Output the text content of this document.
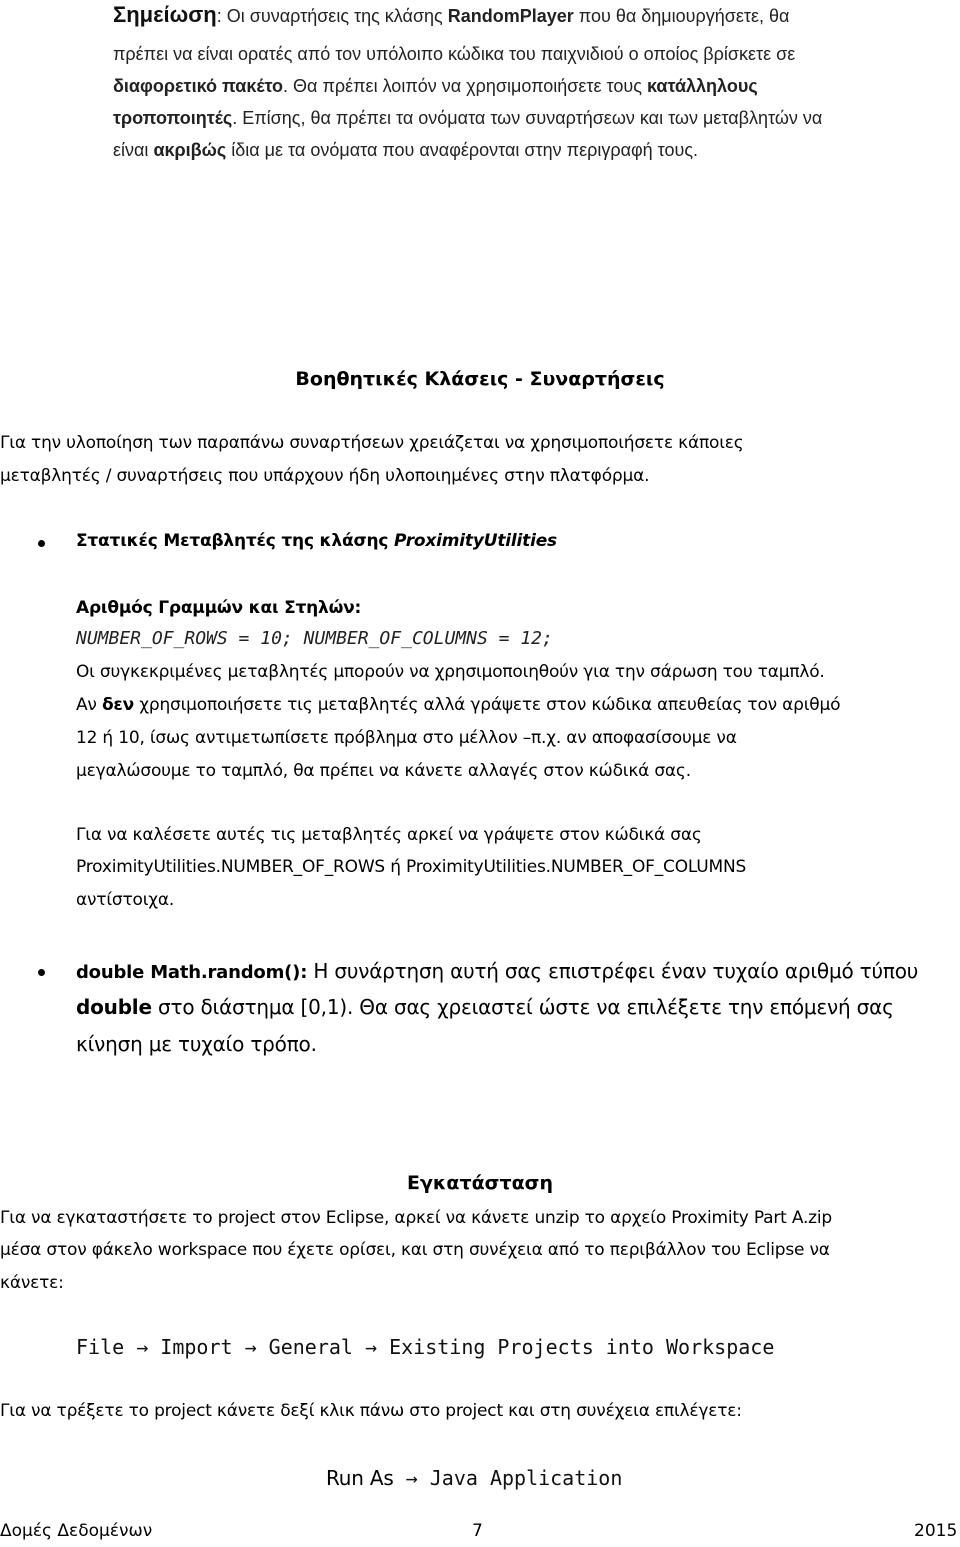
Σημείωση: Οι συναρτήσεις της κλάσης RandomPlayer που θα δημιουργήσετε, θα
πρέπει να είναι ορατές από τον υπόλοιπο κώδικα του παιχνιδιού ο οποίος βρίσκετε σε
διαφορετικό πακέτο. Θα πρέπει λοιπόν να χρησιμοποιήσετε τους κατάλληλους
τροποποιητές. Επίσης, θα πρέπει τα ονόματα των συναρτήσεων και των μεταβλητών να
είναι ακριβώς ίδια με τα ονόματα που αναφέρονται στην περιγραφή τους.
Βοηθητικές Κλάσεις - Συναρτήσεις
Για την υλοποίηση των παραπάνω συναρτήσεων χρειάζεται να χρησιμοποιήσετε κάποιες
μεταβλητές / συναρτήσεις που υπάρχουν ήδη υλοποιημένες στην πλατφόρμα.
Στατικές Μεταβλητές της κλάσης ProximityUtilities
Αριθμός Γραμμών και Στηλών:
NUMBER_OF_ROWS = 10; NUMBER_OF_COLUMNS = 12;
Οι συγκεκριμένες μεταβλητές μπορούν να χρησιμοποιηθούν για την σάρωση του ταμπλό.
Αν δεν χρησιμοποιήσετε τις μεταβλητές αλλά γράψετε στον κώδικα απευθείας τον αριθμό
12 ή 10, ίσως αντιμετωπίσετε πρόβλημα στο μέλλον –π.χ. αν αποφασίσουμε να
μεγαλώσουμε το ταμπλό, θα πρέπει να κάνετε αλλαγές στον κώδικά σας.
Για να καλέσετε αυτές τις μεταβλητές αρκεί να γράψετε στον κώδικά σας
ProximityUtilities.NUMBER_OF_ROWS ή ProximityUtilities.NUMBER_OF_COLUMNS
αντίστοιχα.
double Math.random(): Η συνάρτηση αυτή σας επιστρέφει έναν τυχαίο αριθμό τύπου
double στο διάστημα [0,1). Θα σας χρειαστεί ώστε να επιλέξετε την επόμενή σας
κίνηση με τυχαίο τρόπο.
Εγκατάσταση
Για να εγκαταστήσετε το project στον Eclipse, αρκεί να κάνετε unzip το αρχείο Proximity Part A.zip
μέσα στον φάκελο workspace που έχετε ορίσει, και στη συνέχεια από το περιβάλλον του Eclipse να
κάνετε:
File → Import → General → Existing Projects into Workspace
Για να τρέξετε το project κάνετε δεξί κλικ πάνω στο project και στη συνέχεια επιλέγετε:
Run As → Java Application
Δομές Δεδομένων	7	2015
